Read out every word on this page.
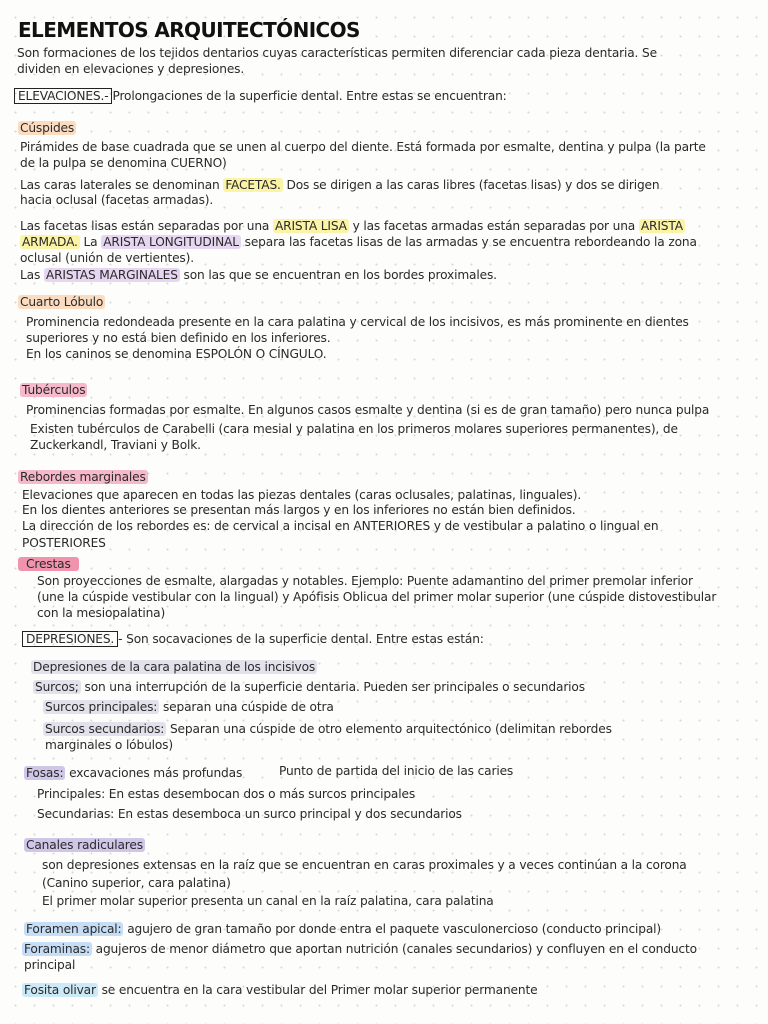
ELEMENTOS ARQUITECTÓNICOS
Son formaciones de los tejidos dentarios cuyas características permiten diferenciar cada pieza dentaria. Se
dividen en elevaciones y depresiones.
ELEVACIONES.- Prolongaciones de la superficie dental. Entre estas se encuentran:
Cúspides
Pirámides de base cuadrada que se unen al cuerpo del diente. Está formada por esmalte, dentina y pulpa (la parte
de la pulpa se denomina CUERNO)
Las caras laterales se denominan FACETAS. Dos se dirigen a las caras libres (facetas lisas) y dos se dirigen
hacia oclusal (facetas armadas).
Las facetas lisas están separadas por una ARISTA LISA y las facetas armadas están separadas por una ARISTA
ARMADA. La ARISTA LONGITUDINAL separa las facetas lisas de las armadas y se encuentra rebordeando la zona
oclusal (unión de vertientes).
Las ARISTAS MARGINALES son las que se encuentran en los bordes proximales.
Cuarto Lóbulo
Prominencia redondeada presente en la cara palatina y cervical de los incisivos, es más prominente en dientes
superiores y no está bien definido en los inferiores.
En los caninos se denomina ESPOLÓN O CÍNGULO.
Tubérculos
Prominencias formadas por esmalte. En algunos casos esmalte y dentina (si es de gran tamaño) pero nunca pulpa
Existen tubérculos de Carabelli (cara mesial y palatina en los primeros molares superiores permanentes), de
Zuckerkandl, Traviani y Bolk.
Rebordes marginales
Elevaciones que aparecen en todas las piezas dentales (caras oclusales, palatinas, linguales).
En los dientes anteriores se presentan más largos y en los inferiores no están bien definidos.
La dirección de los rebordes es: de cervical a incisal en ANTERIORES y de vestibular a palatino o lingual en
POSTERIORES
Crestas
Son proyecciones de esmalte, alargadas y notables. Ejemplo: Puente adamantino del primer premolar inferior
(une la cúspide vestibular con la lingual) y Apófisis Oblicua del primer molar superior (une cúspide distovestibular
con la mesiopalatina)
DEPRESIONES. - Son socavaciones de la superficie dental. Entre estas están:
Depresiones de la cara palatina de los incisivos
Surcos; son una interrupción de la superficie dentaria. Pueden ser principales o secundarios
Surcos principales: separan una cúspide de otra
Surcos secundarios: Separan una cúspide de otro elemento arquitectónico (delimitan rebordes
marginales o lóbulos)
Fosas: excavaciones más profundas	Punto de partida del inicio de las caries
Principales: En estas desembocan dos o más surcos principales
Secundarias: En estas desemboca un surco principal y dos secundarios
Canales radiculares
son depresiones extensas en la raíz que se encuentran en caras proximales y a veces continúan a la corona
(Canino superior, cara palatina)
El primer molar superior presenta un canal en la raíz palatina, cara palatina
Foramen apical: agujero de gran tamaño por donde entra el paquete vasculonercioso (conducto principal)
Foraminas: agujeros de menor diámetro que aportan nutrición (canales secundarios) y confluyen en el conducto
principal
Fosita olivar se encuentra en la cara vestibular del Primer molar superior permanente
